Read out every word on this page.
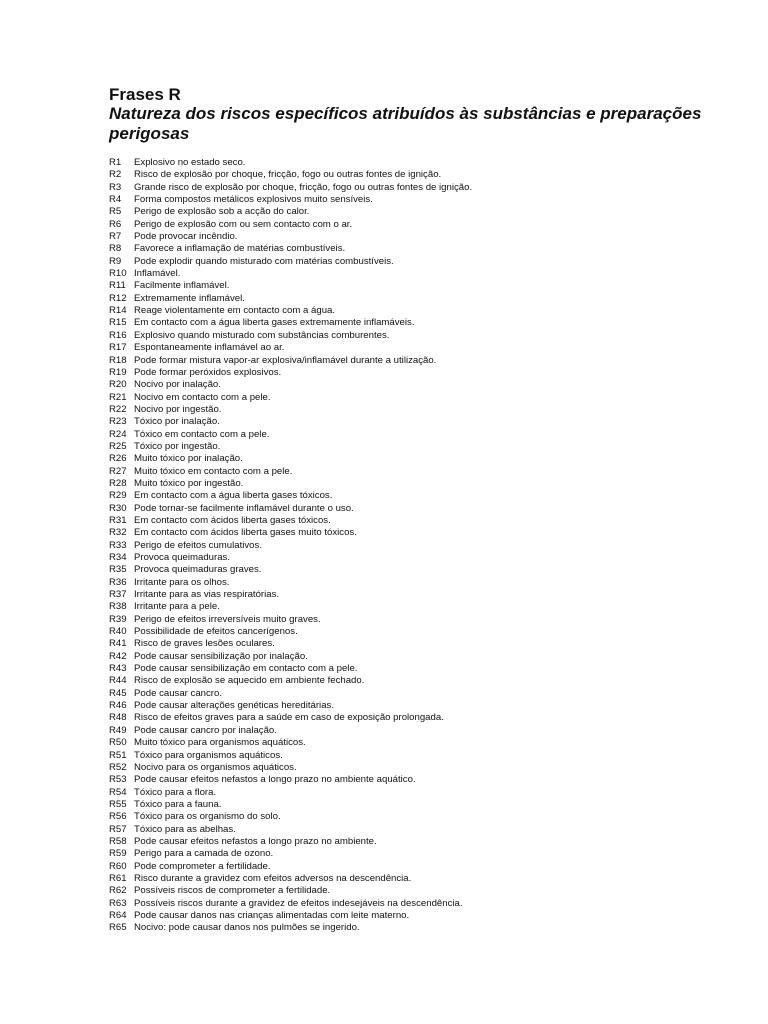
Frases R
Natureza dos riscos específicos atribuídos às substâncias e preparações perigosas
R1	Explosivo no estado seco.
R2	Risco de explosão por choque, fricção, fogo ou outras fontes de ignição.
R3	Grande risco de explosão por choque, fricção, fogo ou outras fontes de ignição.
R4	Forma compostos metálicos explosivos muito sensíveis.
R5	Perigo de explosão sob a acção do calor.
R6	Perigo de explosão com ou sem contacto com o ar.
R7	Pode provocar incêndio.
R8	Favorece a inflamação de matérias combustíveis.
R9	Pode explodir quando misturado com matérias combustíveis.
R10 Inflamável.
R11 Facilmente inflamável.
R12 Extremamente inflamável.
R14 Reage violentamente em contacto com a água.
R15 Em contacto com a água liberta gases extremamente inflamáveis.
R16 Explosivo quando misturado com substâncias comburentes.
R17 Espontaneamente inflamável ao ar.
R18 Pode formar mistura vapor-ar explosiva/inflamável durante a utilização.
R19 Pode formar peróxidos explosivos.
R20 Nocivo por inalação.
R21 Nocivo em contacto com a pele.
R22 Nocivo por ingestão.
R23 Tóxico por inalação.
R24 Tóxico em contacto com a pele.
R25 Tóxico por ingestão.
R26 Muito tóxico por inalação.
R27 Muito tóxico em contacto com a pele.
R28 Muito tóxico por ingestão.
R29 Em contacto com a água liberta gases tóxicos.
R30 Pode tornar-se facilmente inflamável durante o uso.
R31 Em contacto com ácidos liberta gases tóxicos.
R32 Em contacto com ácidos liberta gases muito tóxicos.
R33 Perigo de efeitos cumulativos.
R34 Provoca queimaduras.
R35 Provoca queimaduras graves.
R36 Irritante para os olhos.
R37 Irritante para as vias respiratórias.
R38 Irritante para a pele.
R39 Perigo de efeitos irreversíveis muito graves.
R40 Possibilidade de efeitos cancerígenos.
R41 Risco de graves lesões oculares.
R42 Pode causar sensibilização por inalação.
R43 Pode causar sensibilização em contacto com a pele.
R44 Risco de explosão se aquecido em ambiente fechado.
R45 Pode causar cancro.
R46 Pode causar alterações genéticas hereditárias.
R48 Risco de efeitos graves para a saúde em caso de exposição prolongada.
R49 Pode causar cancro por inalação.
R50 Muito tóxico para organismos aquáticos.
R51 Tóxico para organismos aquáticos.
R52 Nocivo para os organismos aquáticos.
R53 Pode causar efeitos nefastos a longo prazo no ambiente aquático.
R54 Tóxico para a flora.
R55 Tóxico para a fauna.
R56 Tóxico para os organismo do solo.
R57 Tóxico para as abelhas.
R58 Pode causar efeitos nefastos a longo prazo no ambiente.
R59 Perigo para a camada de ozono.
R60 Pode comprometer a fertilidade.
R61 Risco durante a gravidez com efeitos adversos na descendência.
R62 Possíveis riscos de comprometer a fertilidade.
R63 Possíveis riscos durante a gravidez de efeitos indesejáveis na descendência.
R64 Pode causar danos nas crianças alimentadas com leite materno.
R65 Nocivo: pode causar danos nos pulmões se ingerido.
